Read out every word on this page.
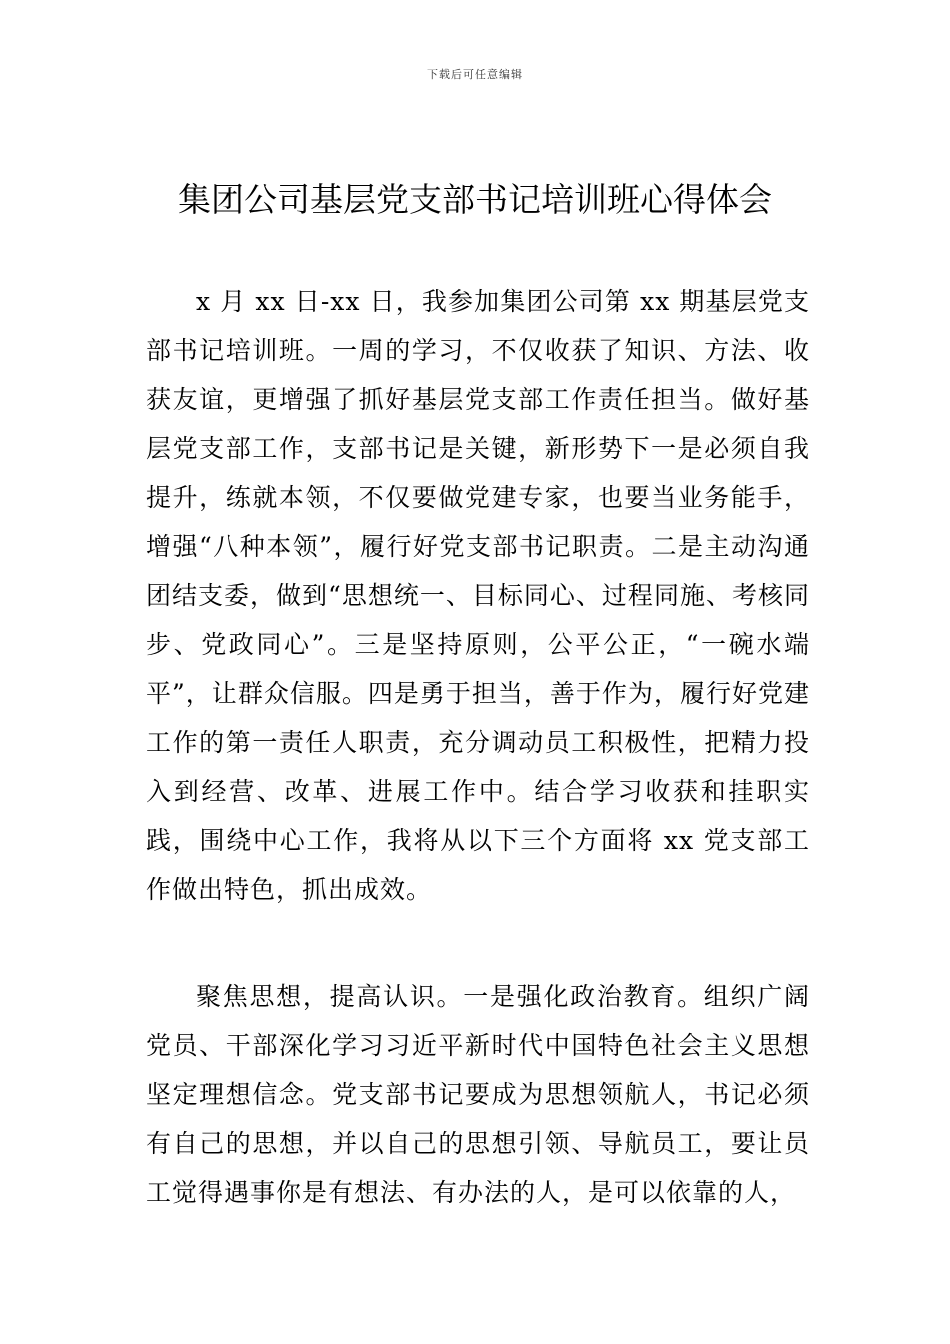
下载后可任意编辑
集团公司基层党支部书记培训班心得体会

x 月 xx 日-xx 日，我参加集团公司第 xx 期基层党支部书记培训班。一周的学习，不仅收获了知识、方法、收获友谊，更增强了抓好基层党支部工作责任担当。做好基层党支部工作，支部书记是关键，新形势下一是必须自我提升，练就本领，不仅要做党建专家，也要当业务能手，增强“八种本领”，履行好党支部书记职责。二是主动沟通团结支委，做到“思想统一、目标同心、过程同施、考核同步、党政同心”。三是坚持原则，公平公正，“一碗水端平”，让群众信服。四是勇于担当，善于作为，履行好党建工作的第一责任人职责，充分调动员工积极性，把精力投入到经营、改革、进展工作中。结合学习收获和挂职实践，围绕中心工作，我将从以下三个方面将 xx 党支部工作做出特色，抓出成效。

聚焦思想，提高认识。一是强化政治教育。组织广阔党员、干部深化学习习近平新时代中国特色社会主义思想坚定理想信念。党支部书记要成为思想领航人，书记必须有自己的思想，并以自己的思想引领、导航员工，要让员工觉得遇事你是有想法、有办法的人，是可以依靠的人，
